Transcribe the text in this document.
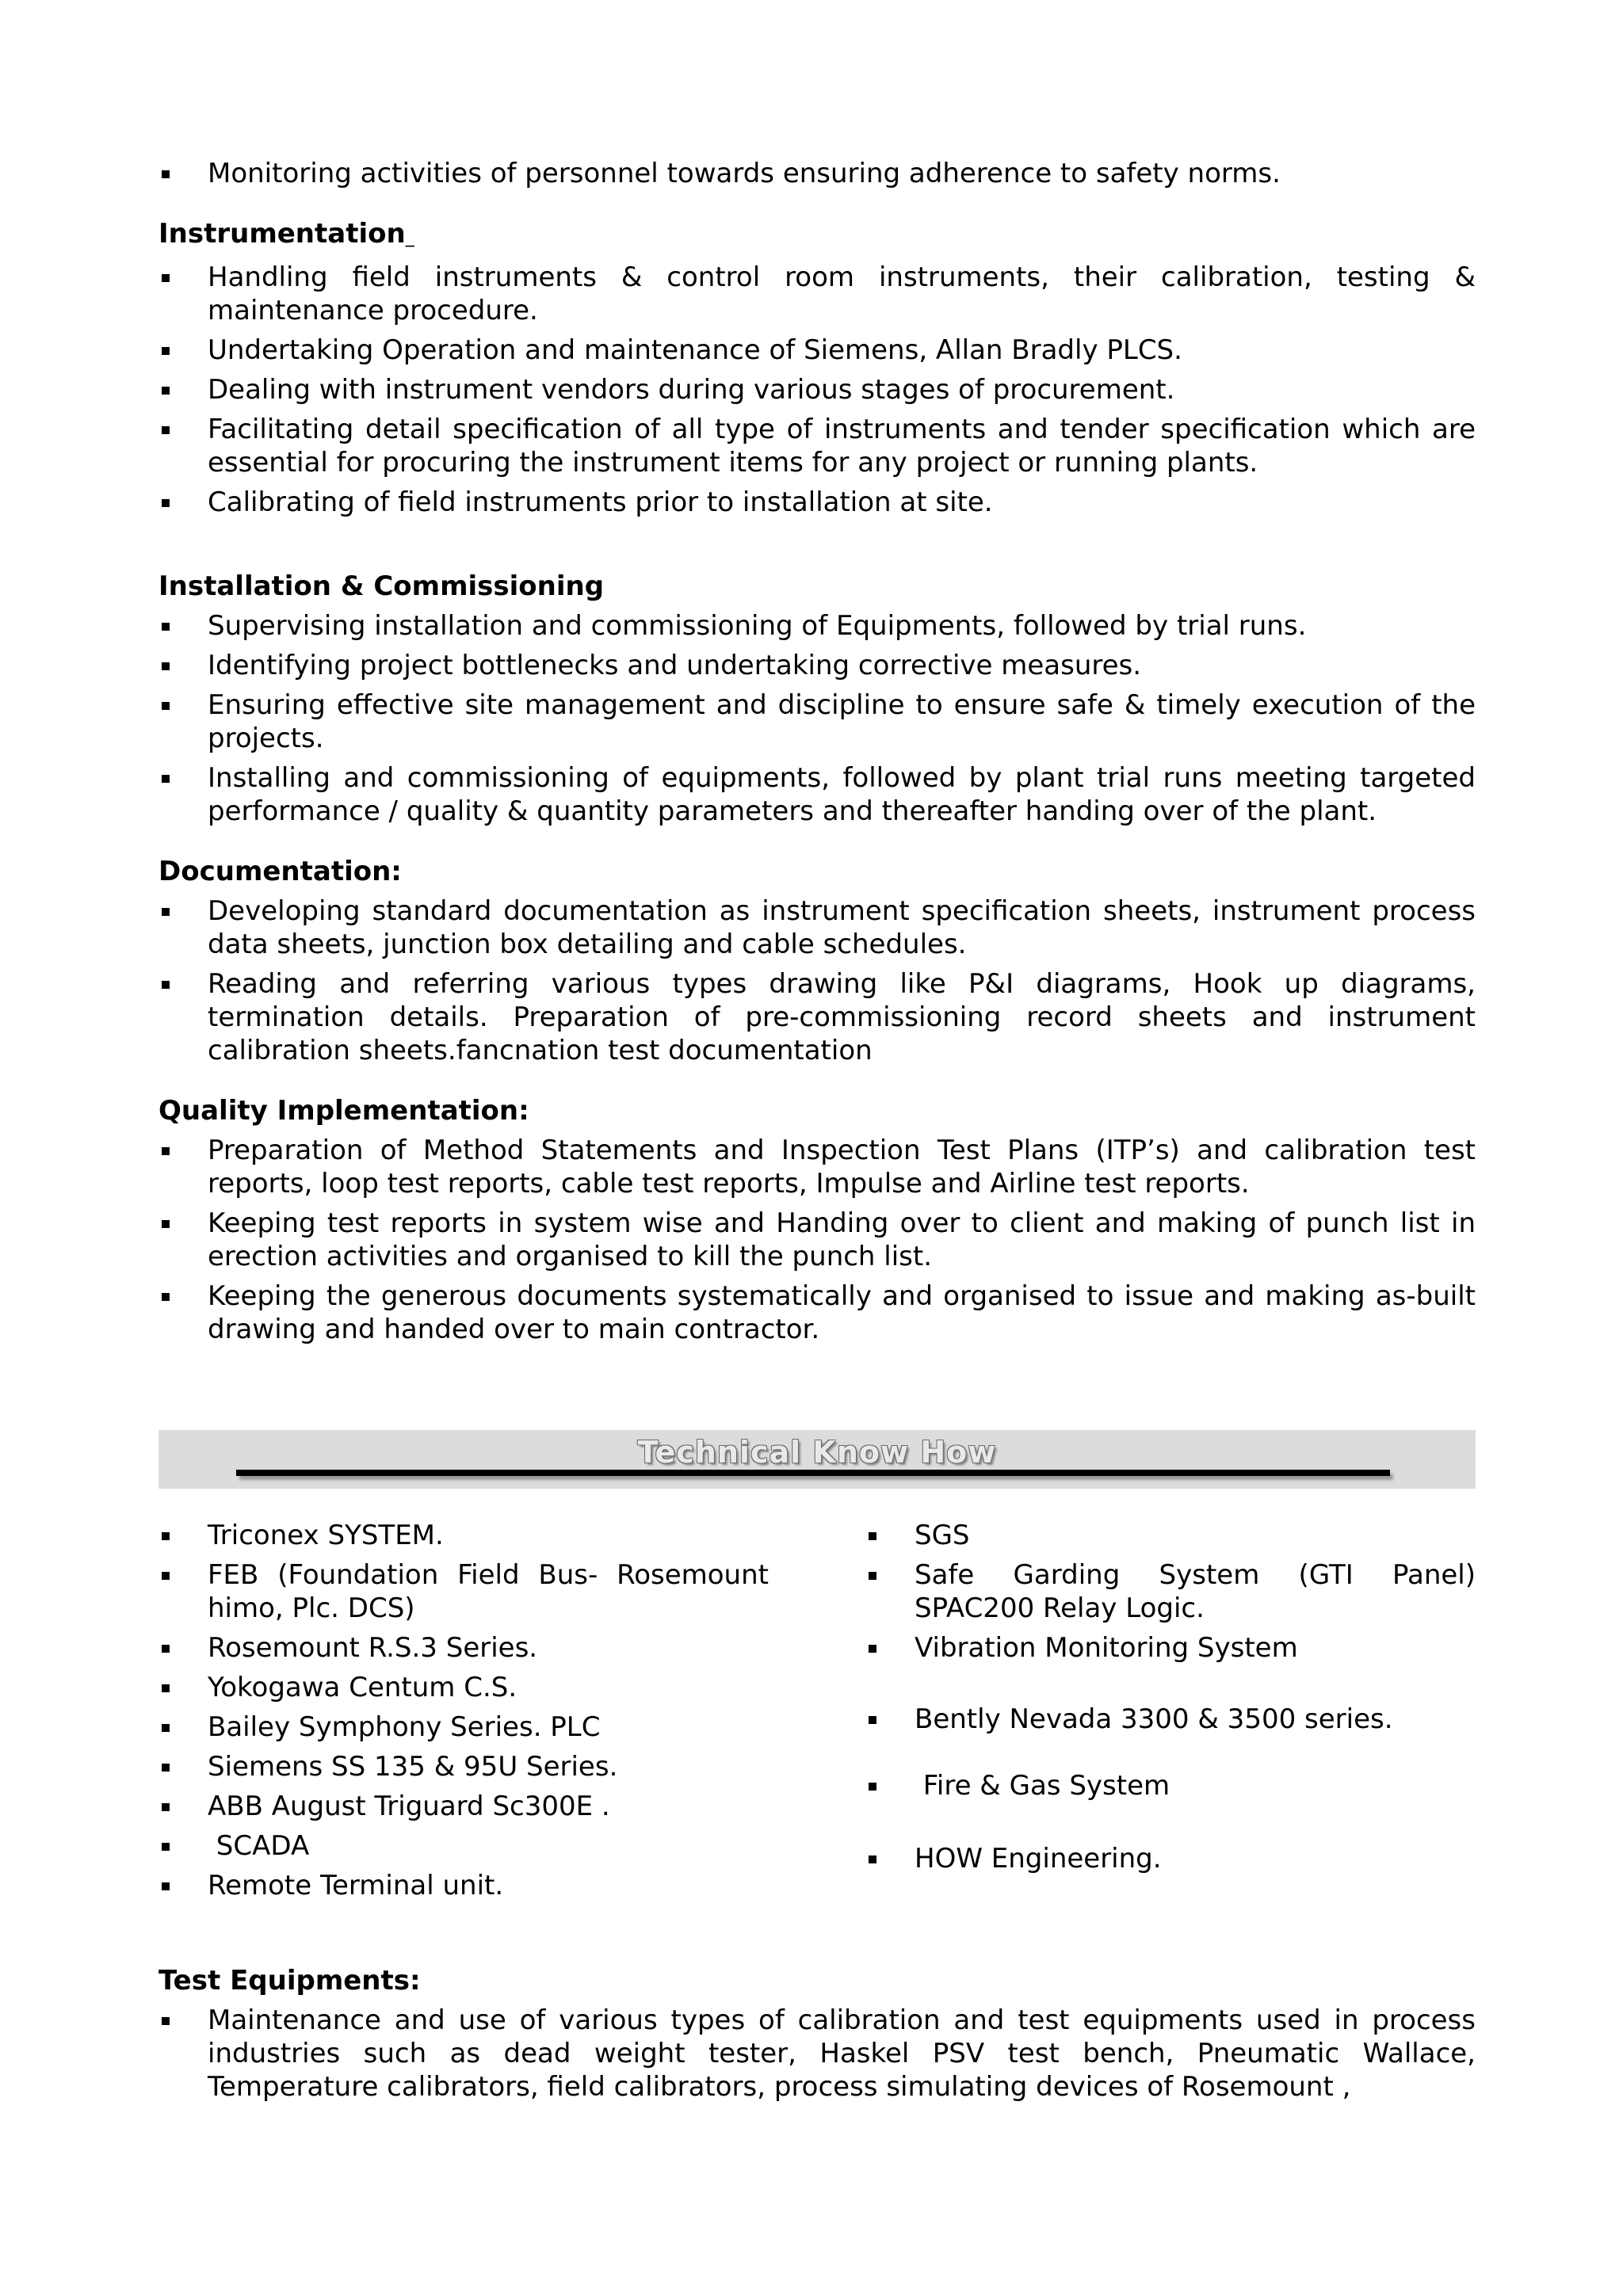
Monitoring activities of personnel towards ensuring adherence to safety norms.
Instrumentation_
Handling field instruments & control room instruments, their calibration, testing & maintenance procedure.
Undertaking Operation and maintenance of Siemens, Allan Bradly PLCS.
Dealing with instrument vendors during various stages of procurement.
Facilitating detail specification of all type of instruments and tender specification which are essential for procuring the instrument items for any project or running plants.
Calibrating of field instruments prior to installation at site.
Installation & Commissioning
Supervising installation and commissioning of Equipments, followed by trial runs.
Identifying project bottlenecks and undertaking corrective measures.
Ensuring effective site management and discipline to ensure safe & timely execution of the projects.
Installing and commissioning of equipments, followed by plant trial runs meeting targeted performance / quality & quantity parameters and thereafter handing over of the plant.
Documentation:
Developing standard documentation as instrument specification sheets, instrument process data sheets, junction box detailing and cable schedules.
Reading and referring various types drawing like P&I diagrams, Hook up diagrams, termination details. Preparation of pre-commissioning record sheets and instrument calibration sheets.fancnation test documentation
Quality Implementation:
Preparation of Method Statements and Inspection Test Plans (ITP’s) and calibration test reports, loop test reports, cable test reports, Impulse and Airline test reports.
Keeping test reports in system wise and Handing over to client and making of punch list in erection activities and organised to kill the punch list.
Keeping the generous documents systematically and organised to issue and making as-built drawing and handed over to main contractor.
Technical Know How
Triconex SYSTEM.
FEB (Foundation Field Bus- Rosemount himo, Plc. DCS)
Rosemount R.S.3 Series.
Yokogawa Centum C.S.
Bailey Symphony Series. PLC
Siemens SS 135 & 95U Series.
ABB August Triguard Sc300E .
SCADA
Remote Terminal unit.
SGS
Safe Garding System (GTI Panel) SPAC200 Relay Logic.
Vibration Monitoring System
Bently Nevada 3300 & 3500 series.
Fire & Gas System
HOW Engineering.
Test Equipments:
Maintenance and use of various types of calibration and test equipments used in process industries such as dead weight tester, Haskel PSV test bench, Pneumatic Wallace, Temperature calibrators, field calibrators, process simulating devices of Rosemount ,
